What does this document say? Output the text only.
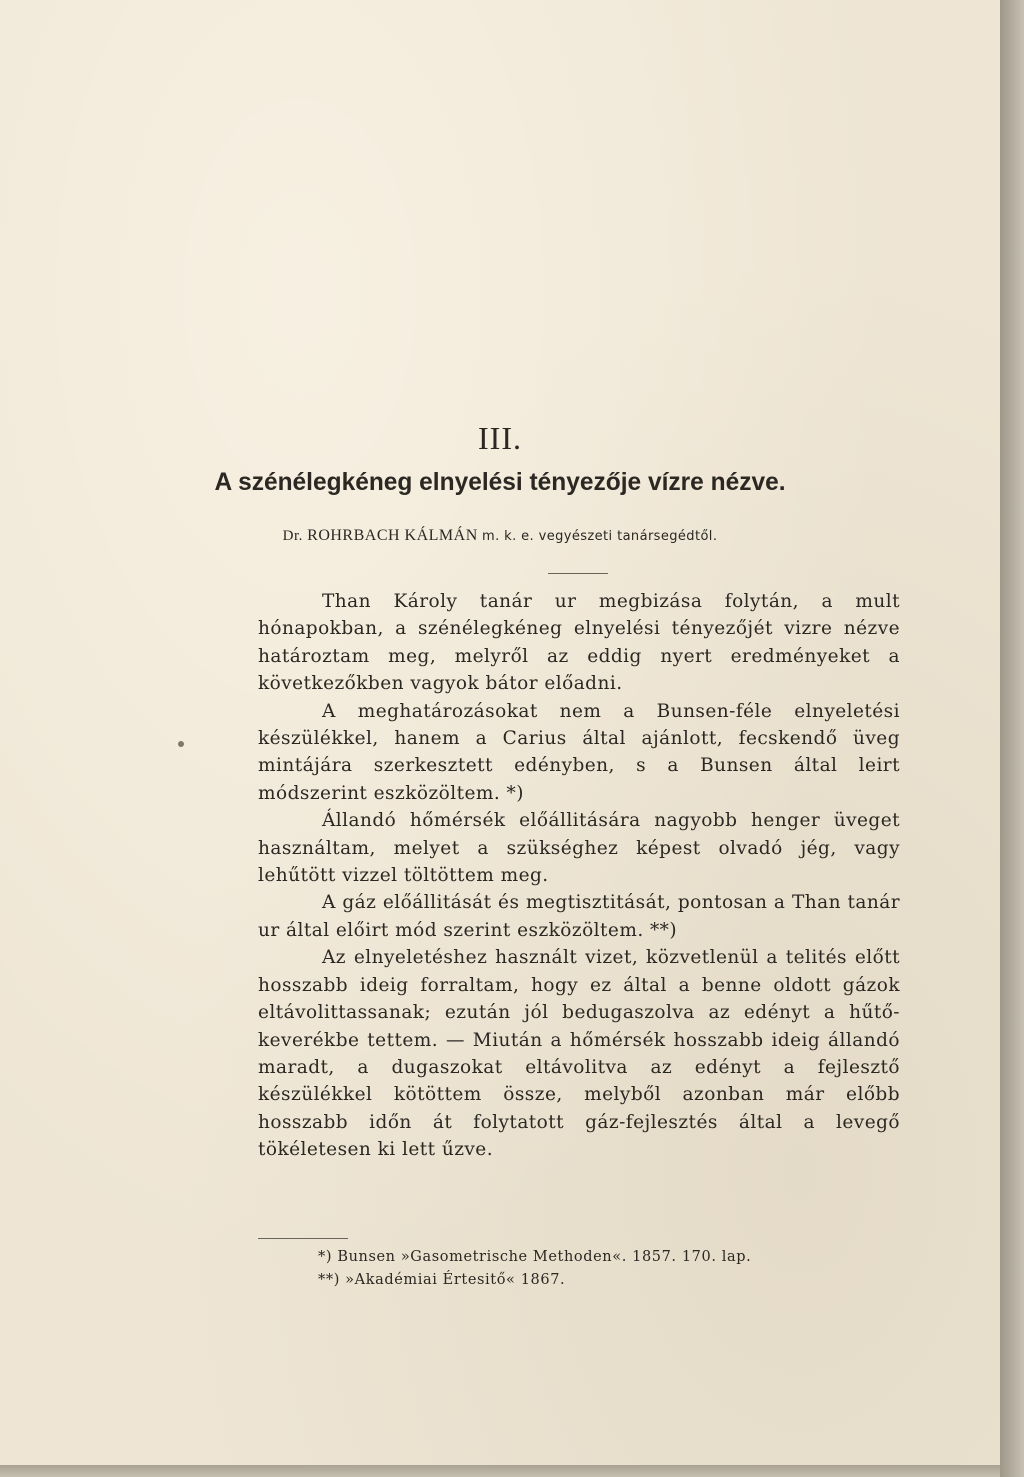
III.
A szénélegkéneg elnyelési tényezője vízre nézve.
Dr. ROHRBACH KÁLMÁN m. k. e. vegyészeti tanársegédtől.

Than Károly tanár ur megbizása folytán, a mult hónapokban, a szénélegkéneg elnyelési tényezőjét vizre nézve határoztam meg, melyről az eddig nyert eredményeket a következőkben vagyok bátor előadni.

A meghatározásokat nem a Bunsen-féle elnyeletési készülékkel, hanem a Carius által ajánlott, fecskendő üveg mintájára szerkesztett edényben, s a Bunsen által leirt módszerint eszközöltem. *)

Állandó hőmérsék előállitására nagyobb henger üveget használtam, melyet a szükséghez képest olvadó jég, vagy lehűtött vizzel töltöttem meg.

A gáz előállitását és megtisztitását, pontosan a Than tanár ur által előirt mód szerint eszközöltem. **)

Az elnyeletéshez használt vizet, közvetlenül a telités előtt hosszabb ideig forraltam, hogy ez által a benne oldott gázok eltávolittassanak; ezután jól bedugaszolva az edényt a hűtő-keverékbe tettem. — Miután a hőmérsék hosszabb ideig állandó maradt, a dugaszokat eltávolitva az edényt a fejlesztő készülékkel kötöttem össze, melyből azonban már előbb hosszabb időn át folytatott gáz-fejlesztés által a levegő tökéletesen ki lett űzve.

*) Bunsen »Gasometrische Methoden«. 1857. 170. lap.
**) »Akadémiai Értesitő« 1867.
